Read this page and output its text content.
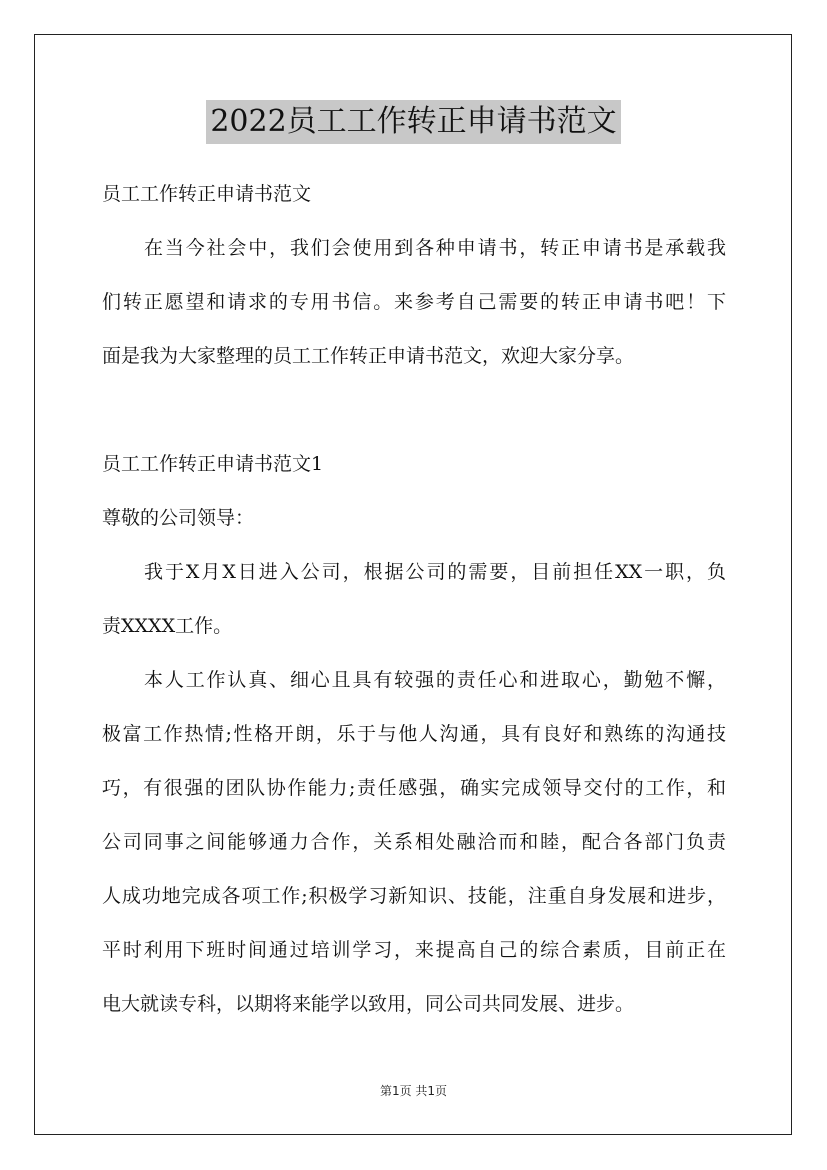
2022员工工作转正申请书范文
员工工作转正申请书范文
在当今社会中，我们会使用到各种申请书，转正申请书是承载我
们转正愿望和请求的专用书信。来参考自己需要的转正申请书吧！下
面是我为大家整理的员工工作转正申请书范文，欢迎大家分享。
员工工作转正申请书范文1
尊敬的公司领导：
我于X月X日进入公司，根据公司的需要，目前担任XX一职，负
责XXXX工作。
本人工作认真、细心且具有较强的责任心和进取心，勤勉不懈，
极富工作热情;性格开朗，乐于与他人沟通，具有良好和熟练的沟通技
巧，有很强的团队协作能力;责任感强，确实完成领导交付的工作，和
公司同事之间能够通力合作，关系相处融洽而和睦，配合各部门负责
人成功地完成各项工作;积极学习新知识、技能，注重自身发展和进步，
平时利用下班时间通过培训学习，来提高自己的综合素质，目前正在
电大就读专科，以期将来能学以致用，同公司共同发展、进步。
第1页 共1页
